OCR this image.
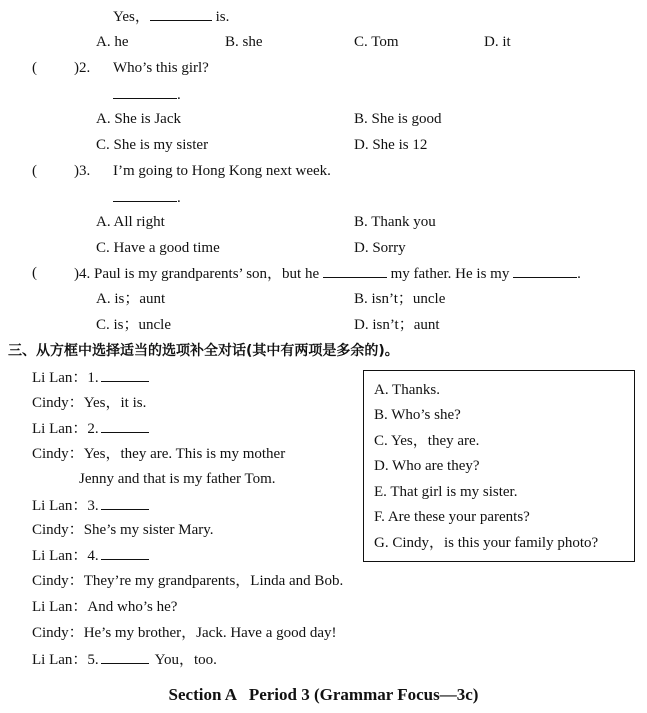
Yes，	is.
A. he	B. she	C. Tom	D. it
( )2. Who’s this girl?
.
A. She is Jack	B. She is good
C. She is my sister	D. She is 12
( )3. I’m going to Hong Kong next week.
.
A. All right	B. Thank you
C. Have a good time	D. Sorry
( )4. Paul is my grandparents’ son，but he	my father. He is my	.
A. is；aunt	B. isn’t；uncle
C. is；uncle	D. isn’t；aunt
三、从方框中选择适当的选项补全对话(其中有两项是多余的)。
Li Lan：1.
Cindy：Yes，it is.
Li Lan：2.
Cindy：Yes，they are. This is my mother
Jenny and that is my father Tom.
Li Lan：3.
Cindy：She’s my sister Mary.
Li Lan：4.
Cindy：They’re my grandparents，Linda and Bob.
Li Lan：And who’s he?
Cindy：He’s my brother，Jack. Have a good day!
Li Lan：5.	You，too.
A. Thanks.
B. Who’s she?
C. Yes，they are.
D. Who are they?
E. That girl is my sister.
F. Are these your parents?
G. Cindy，is this your family photo?
Section A   Period 3 (Grammar Focus—3c)
